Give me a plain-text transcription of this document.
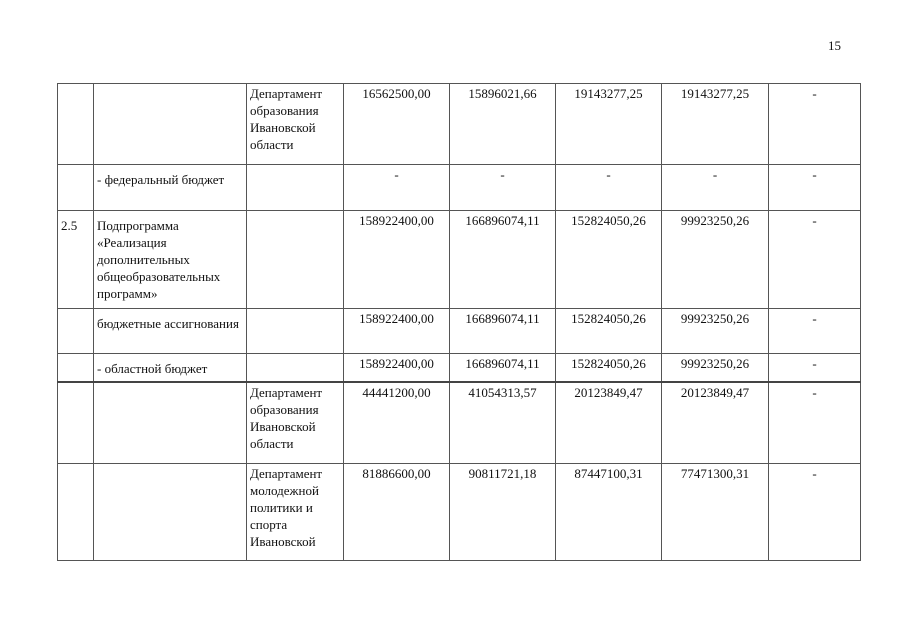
15
		Департамент образования Ивановской области	16562500,00	15896021,66	19143277,25	19143277,25	-
	- федеральный бюджет		-	-	-	-	-
2.5	Подпрограмма «Реализация дополнительных общеобразовательных программ»		158922400,00	166896074,11	152824050,26	99923250,26	-
	бюджетные ассигнования		158922400,00	166896074,11	152824050,26	99923250,26	-
	- областной бюджет		158922400,00	166896074,11	152824050,26	99923250,26	-
		Департамент образования Ивановской области	44441200,00	41054313,57	20123849,47	20123849,47	-
		Департамент молодежной политики и спорта Ивановской	81886600,00	90811721,18	87447100,31	77471300,31	-
